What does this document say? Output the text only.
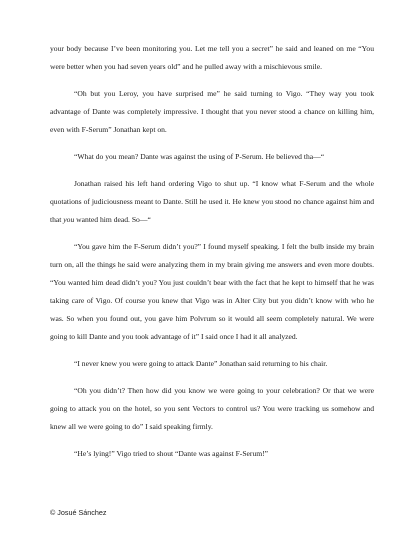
your body because I’ve been monitoring you. Let me tell you a secret” he said and leaned on me “You were better when you had seven years old” and he pulled away with a mischievous smile.

“Oh but you Leroy, you have surprised me” he said turning to Vigo. “They way you took advantage of Dante was completely impressive. I thought that you never stood a chance on killing him, even with F-Serum” Jonathan kept on.

“What do you mean? Dante was against the using of P-Serum. He believed tha—“

Jonathan raised his left hand ordering Vigo to shut up. “I know what F-Serum and the whole quotations of judiciousness meant to Dante. Still he used it. He knew you stood no chance against him and that you wanted him dead. So—“

“You gave him the F-Serum didn’t you?” I found myself speaking. I felt the bulb inside my brain turn on, all the things he said were analyzing them in my brain giving me answers and even more doubts. “You wanted him dead didn’t you? You just couldn’t bear with the fact that he kept to himself that he was taking care of Vigo. Of course you knew that Vigo was in Alter City but you didn’t know with who he was. So when you found out, you gave him Polvrum so it would all seem completely natural. We were going to kill Dante and you took advantage of it” I said once I had it all analyzed.

“I never knew you were going to attack Dante” Jonathan said returning to his chair.

“Oh you didn’t? Then how did you know we were going to your celebration? Or that we were going to attack you on the hotel, so you sent Vectors to control us? You were tracking us somehow and knew all we were going to do” I said speaking firmly.

“He’s lying!” Vigo tried to shout “Dante was against F-Serum!”

© Josué Sánchez
